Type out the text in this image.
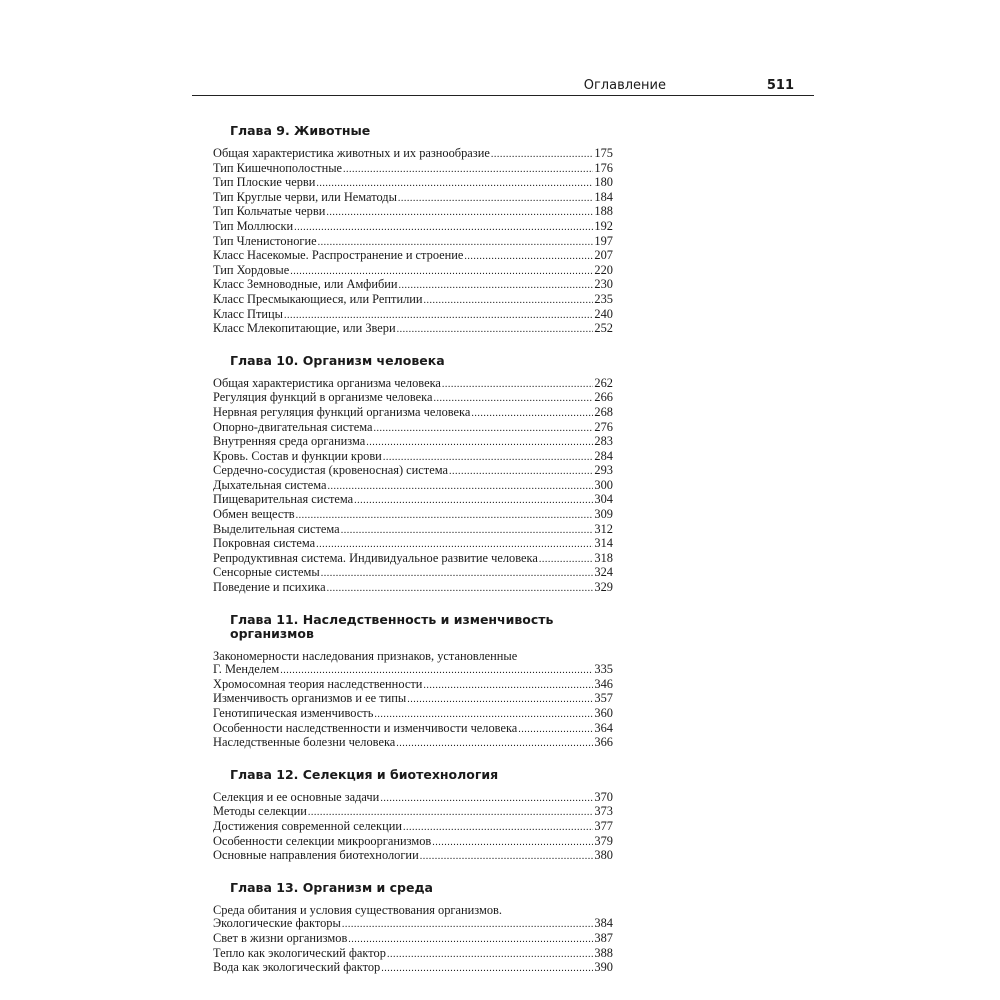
Оглавление	511
Глава 9. Животные
Общая характеристика животных и их разнообразие .....	175
Тип Кишечнополостные .....	176
Тип Плоские черви .....	180
Тип Круглые черви, или Нематоды .....	184
Тип Кольчатые черви .....	188
Тип Моллюски .....	192
Тип Членистоногие .....	197
Класс Насекомые. Распространение и строение .....	207
Тип Хордовые .....	220
Класс Земноводные, или Амфибии .....	230
Класс Пресмыкающиеся, или Рептилии .....	235
Класс Птицы .....	240
Класс Млекопитающие, или Звери .....	252
Глава 10. Организм человека
Общая характеристика организма человека .....	262
Регуляция функций в организме человека .....	266
Нервная регуляция функций организма человека .....	268
Опорно-двигательная система .....	276
Внутренняя среда организма .....	283
Кровь. Состав и функции крови .....	284
Сердечно-сосудистая (кровеносная) система .....	293
Дыхательная система .....	300
Пищеварительная система .....	304
Обмен веществ .....	309
Выделительная система .....	312
Покровная система .....	314
Репродуктивная система. Индивидуальное развитие человека .....	318
Сенсорные системы .....	324
Поведение и психика .....	329
Глава 11. Наследственность и изменчивость
организмов
Закономерности наследования признаков, установленные
Г. Менделем .....	335
Хромосомная теория наследственности .....	346
Изменчивость организмов и ее типы .....	357
Генотипическая изменчивость .....	360
Особенности наследственности и изменчивости человека .....	364
Наследственные болезни человека .....	366
Глава 12. Селекция и биотехнология
Селекция и ее основные задачи .....	370
Методы селекции .....	373
Достижения современной селекции .....	377
Особенности селекции микроорганизмов .....	379
Основные направления биотехнологии .....	380
Глава 13. Организм и среда
Среда обитания и условия существования организмов.
Экологические факторы .....	384
Свет в жизни организмов .....	387
Тепло как экологический фактор .....	388
Вода как экологический фактор .....	390
